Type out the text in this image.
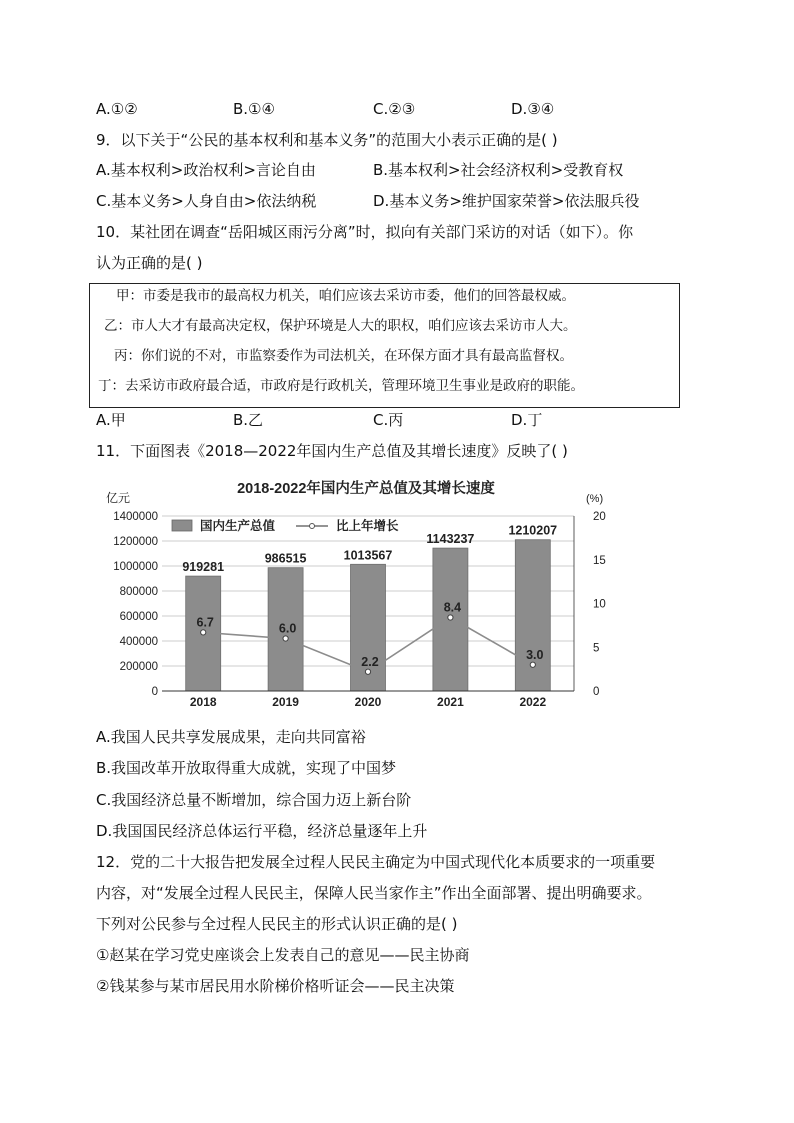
A.①②	B.①④	C.②③	D.③④
9．以下关于“公民的基本权利和基本义务”的范围大小表示正确的是( )
A.基本权利>政治权利>言论自由	B.基本权利>社会经济权利>受教育权
C.基本义务>人身自由>依法纳税	D.基本义务>维护国家荣誉>依法服兵役
10．某社团在调查“岳阳城区雨污分离”时，拟向有关部门采访的对话（如下）。你
认为正确的是( )
甲：市委是我市的最高权力机关，咱们应该去采访市委，他们的回答最权威。
乙：市人大才有最高决定权，保护环境是人大的职权，咱们应该去采访市人大。
丙：你们说的不对，市监察委作为司法机关，在环保方面才具有最高监督权。
丁：去采访市政府最合适，市政府是行政机关，管理环境卫生事业是政府的职能。
A.甲	B.乙	C.丙	D.丁
11．下面图表《2018—2022年国内生产总值及其增长速度》反映了( )
2018-2022年国内生产总值及其增长速度
亿元	(%)
919281
986515	1013567
1143237
1210207
6.7	6.0
2.2
8.4
3.0
0
200000
400000
600000
800000
1000000
1200000
1400000
0
5
10
15
20
2018	2019	2020	2021	2022
国内生产总值	比上年增长
A.我国人民共享发展成果，走向共同富裕
B.我国改革开放取得重大成就，实现了中国梦
C.我国经济总量不断增加，综合国力迈上新台阶
D.我国国民经济总体运行平稳，经济总量逐年上升
12．党的二十大报告把发展全过程人民民主确定为中国式现代化本质要求的一项重要
内容，对“发展全过程人民民主，保障人民当家作主”作出全面部署、提出明确要求。
下列对公民参与全过程人民民主的形式认识正确的是( )
①赵某在学习党史座谈会上发表自己的意见——民主协商
②钱某参与某市居民用水阶梯价格听证会——民主决策
